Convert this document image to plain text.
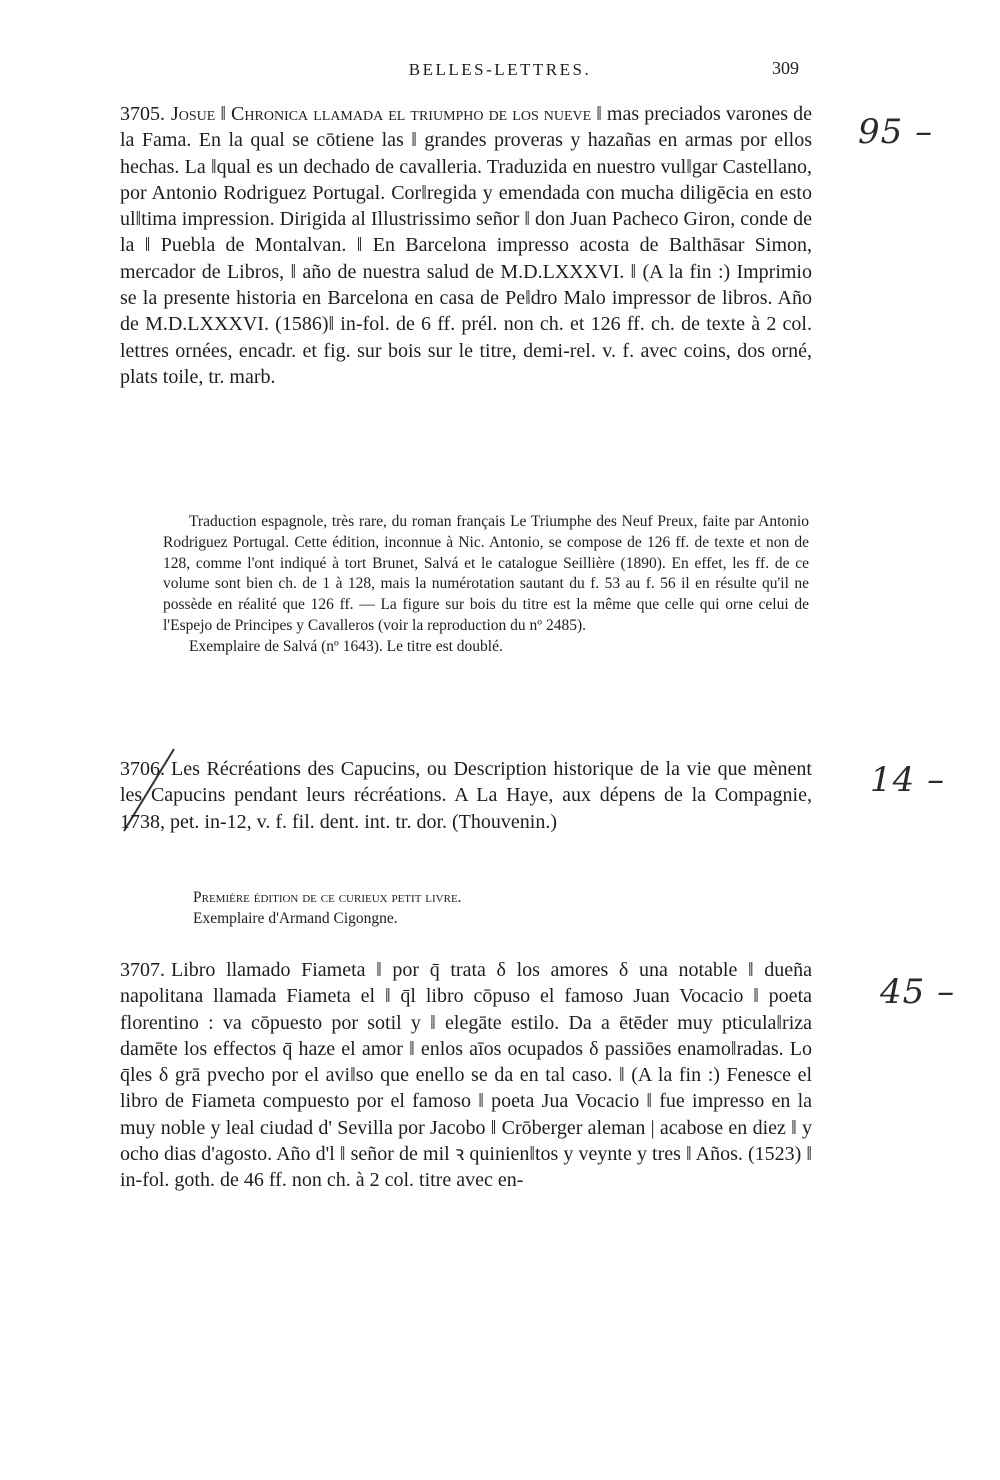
BELLES-LETTRES.	309
3705. Josue ‖ Chronica llamada el triumpho de los nueve ‖ mas preciados varones de la Fama. En la qual se cōtiene las ‖ grandes proveras y hazañas en armas por ellos hechas. La ‖qual es un dechado de cavalleria. Traduzida en nuestro vul‖gar Castellano, por Antonio Rodriguez Portugal. Cor‖regida y emendada con mucha diligēcia en esto ul‖tima impression. Dirigida al Illustrissimo señor ‖ don Juan Pacheco Giron, conde de la ‖ Puebla de Montalvan. ‖ En Barcelona impresso acosta de Balthāsar Simon, mercador de Libros, ‖ año de nuestra salud de M.D.LXXXVI. ‖ (A la fin :) Imprimio se la presente historia en Barcelona en casa de Pe‖dro Malo impressor de libros. Año de M.D.LXXXVI. (1586)‖ in-fol. de 6 ff. prél. non ch. et 126 ff. ch. de texte à 2 col. lettres ornées, encadr. et fig. sur bois sur le titre, demi-rel. v. f. avec coins, dos orné, plats toile, tr. marb.
95 –

Traduction espagnole, très rare, du roman français Le Triumphe des Neuf Preux, faite par Antonio Rodriguez Portugal. Cette édition, inconnue à Nic. Antonio, se compose de 126 ff. de texte et non de 128, comme l'ont indiqué à tort Brunet, Salvá et le catalogue Seillière (1890). En effet, les ff. de ce volume sont bien ch. de 1 à 128, mais la numérotation sautant du f. 53 au f. 56 il en résulte qu'il ne possède en réalité que 126 ff. — La figure sur bois du titre est la même que celle qui orne celui de l'Espejo de Principes y Cavalleros (voir la reproduction du nº 2485).

Exemplaire de Salvá (nº 1643). Le titre est doublé.

3706. Les Récréations des Capucins, ou Description historique de la vie que mènent les Capucins pendant leurs récréations. A La Haye, aux dépens de la Compagnie, 1738, pet. in-12, v. f. fil. dent. int. tr. dor. (Thouvenin.)
14 –

Première édition de ce curieux petit livre.

Exemplaire d'Armand Cigongne.

3707. Libro llamado Fiameta ‖ por q̄ trata δ los amores δ una notable ‖ dueña napolitana llamada Fiameta el ‖ q̄l libro cōpuso el famoso Juan Vocacio ‖ poeta florentino : va cōpuesto por sotil y ‖ elegāte estilo. Da a ētēder muy pticula‖riza damēte los effectos q̄ haze el amor ‖ enlos aīos ocupados δ passiōes enamo‖radas. Lo q̄les δ grā pvecho por el avi‖so que enello se da en tal caso. ‖ (A la fin :) Fenesce el libro de Fiameta compuesto por el famoso ‖ poeta Jua Vocacio ‖ fue impresso en la muy noble y leal ciudad d' Sevilla por Jacobo ‖ Crōberger aleman | acabose en diez ‖ y ocho dias d'agosto. Año d'l ‖ señor de mil ꝛ quinien‖tos y veynte y tres ‖ Años. (1523) ‖ in-fol. goth. de 46 ff. non ch. à 2 col. titre avec en-
45 –
